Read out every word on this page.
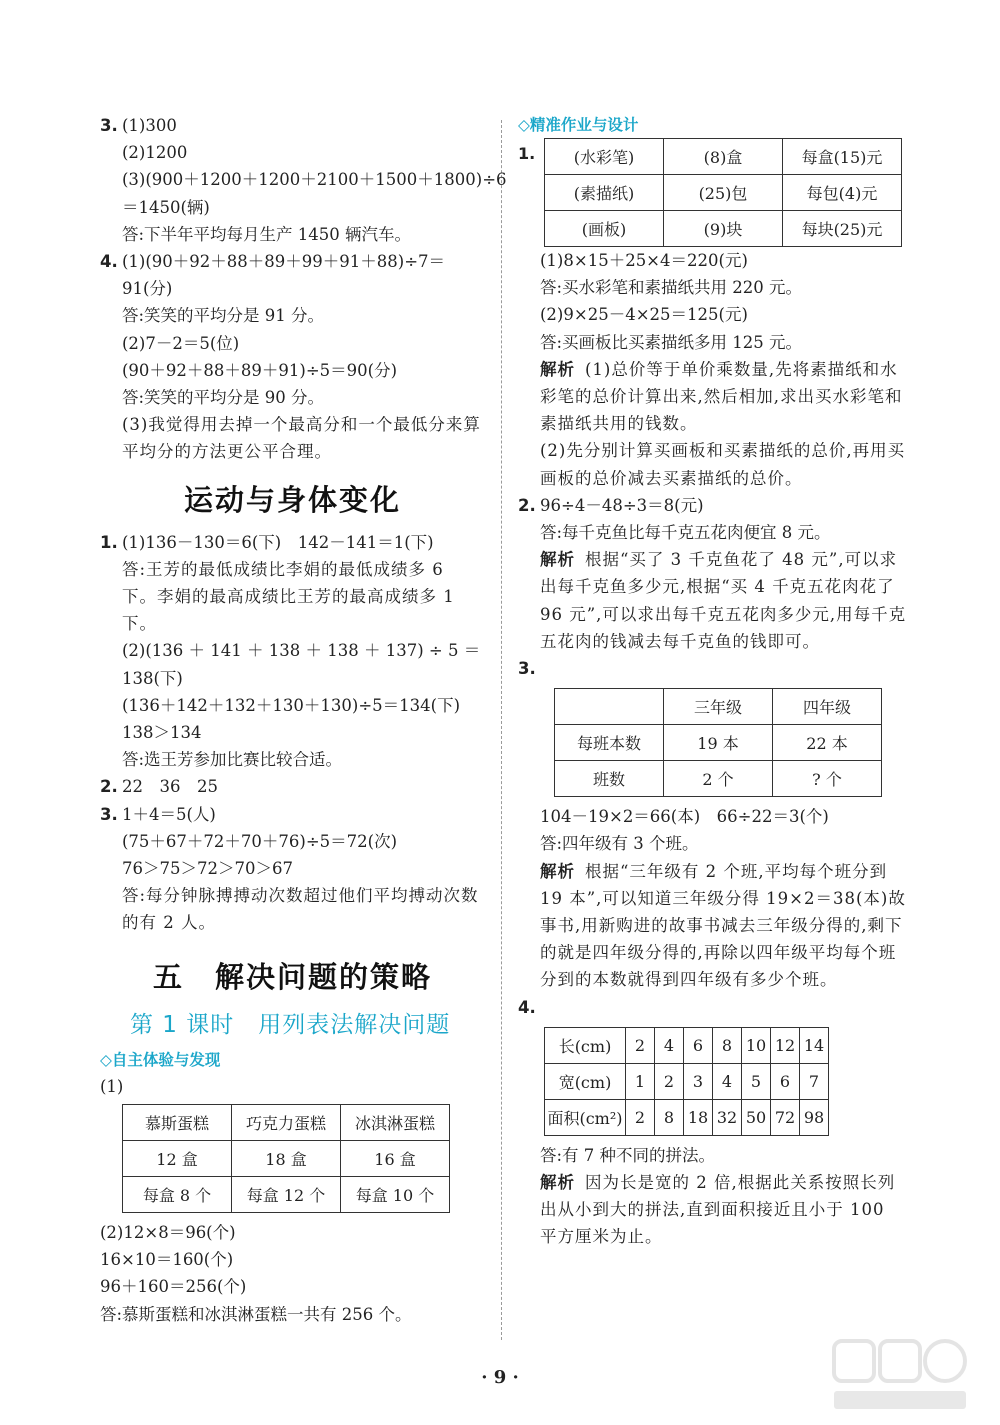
3. (1)300
(2)1200
(3)(900＋1200＋1200＋2100＋1500＋1800)÷6
＝1450(辆)
答:下半年平均每月生产 1450 辆汽车。
4. (1)(90＋92＋88＋89＋99＋91＋88)÷7＝
91(分)
答:笑笑的平均分是 91 分。
(2)7－2＝5(位)
(90＋92＋88＋89＋91)÷5＝90(分)
答:笑笑的平均分是 90 分。
(3)我觉得用去掉一个最高分和一个最低分来算平均分的方法更公平合理。
运动与身体变化
1. (1)136－130＝6(下)　142－141＝1(下)
答:王芳的最低成绩比李娟的最低成绩多 6 下。李娟的最高成绩比王芳的最高成绩多 1 下。
(2)(136 ＋ 141 ＋ 138 ＋ 138 ＋ 137) ÷ 5 ＝
138(下)
(136＋142＋132＋130＋130)÷5＝134(下)
138＞134
答:选王芳参加比赛比较合适。
2. 22　36　25
3. 1＋4＝5(人)
(75＋67＋72＋70＋76)÷5＝72(次)
76＞75＞72＞70＞67
答:每分钟脉搏搏动次数超过他们平均搏动次数的有 2 人。
五　解决问题的策略
第 1 课时　用列表法解决问题
◇自主体验与发现
(1)
慕斯蛋糕	巧克力蛋糕	冰淇淋蛋糕
12 盒	18 盒	16 盒
每盒 8 个	每盒 12 个	每盒 10 个
(2)12×8＝96(个)
16×10＝160(个)
96＋160＝256(个)
答:慕斯蛋糕和冰淇淋蛋糕一共有 256 个。
◇精准作业与设计
1. (水彩笔)	(8)盒	每盒(15)元
(素描纸)	(25)包	每包(4)元
(画板)	(9)块	每块(25)元
(1)8×15＋25×4＝220(元)
答:买水彩笔和素描纸共用 220 元。
(2)9×25－4×25＝125(元)
答:买画板比买素描纸多用 125 元。
解析 (1)总价等于单价乘数量,先将素描纸和水彩笔的总价计算出来,然后相加,求出买水彩笔和素描纸共用的钱数。
(2)先分别计算买画板和买素描纸的总价,再用买画板的总价减去买素描纸的总价。
2. 96÷4－48÷3＝8(元)
答:每千克鱼比每千克五花肉便宜 8 元。
解析 根据“买了 3 千克鱼花了 48 元”,可以求出每千克鱼多少元,根据“买 4 千克五花肉花了 96 元”,可以求出每千克五花肉多少元,用每千克五花肉的钱减去每千克鱼的钱即可。
3.
	三年级	四年级
每班本数	19 本	22 本
班数	2 个	? 个
104－19×2＝66(本)　66÷22＝3(个)
答:四年级有 3 个班。
解析 根据“三年级有 2 个班,平均每个班分到 19 本”,可以知道三年级分得 19×2＝38(本)故事书,用新购进的故事书减去三年级分得的,剩下的就是四年级分得的,再除以四年级平均每个班分到的本数就得到四年级有多少个班。
4.
长(cm)	2	4	6	8	10	12	14
宽(cm)	1	2	3	4	5	6	7
面积(cm²)	2	8	18	32	50	72	98
答:有 7 种不同的拼法。
解析 因为长是宽的 2 倍,根据此关系按照长列出从小到大的拼法,直到面积接近且小于 100 平方厘米为止。
· 9 ·
